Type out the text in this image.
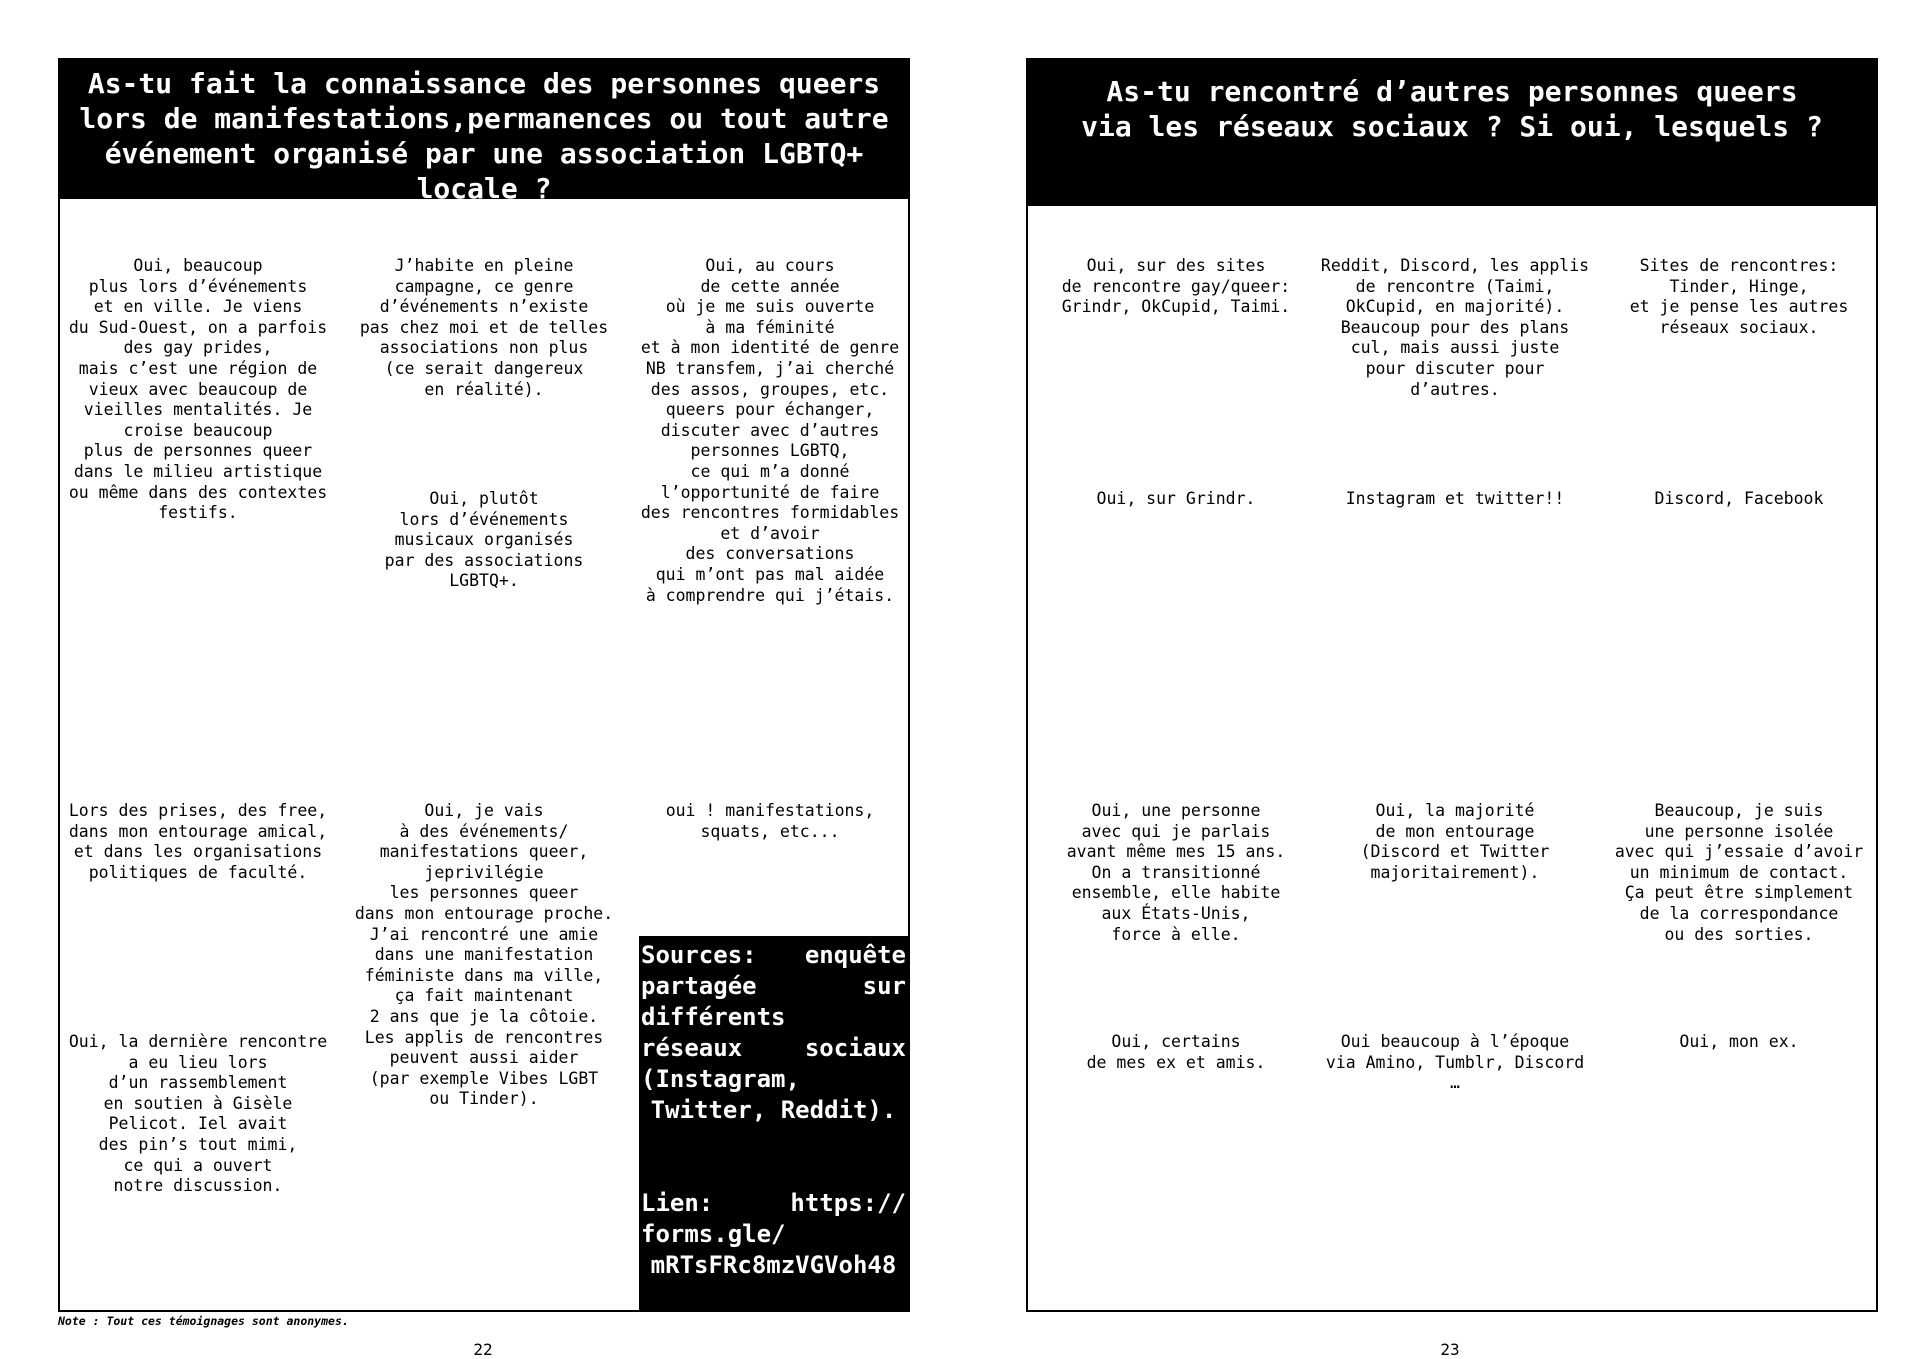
As-tu fait la connaissance des personnes queers
lors de manifestations,permanences ou tout autre
événement organisé par une association LGBTQ+
locale ?
Oui, beaucoup
plus lors d’événements
et en ville. Je viens
du Sud-Ouest, on a parfois
des gay prides,
mais c’est une région de
vieux avec beaucoup de
vieilles mentalités. Je
croise beaucoup
plus de personnes queer
dans le milieu artistique
ou même dans des contextes
festifs.
J’habite en pleine
campagne, ce genre
d’événements n’existe
pas chez moi et de telles
associations non plus
(ce serait dangereux
en réalité).
Oui, au cours
de cette année
où je me suis ouverte
à ma féminité
et à mon identité de genre
NB transfem, j’ai cherché
des assos, groupes, etc.
queers pour échanger,
discuter avec d’autres
personnes LGBTQ,
ce qui m’a donné
l’opportunité de faire
des rencontres formidables
et d’avoir
des conversations
qui m’ont pas mal aidée
à comprendre qui j’étais.
Oui, plutôt
lors d’événements
musicaux organisés
par des associations
LGBTQ+.
Lors des prises, des free,
dans mon entourage amical,
et dans les organisations
politiques de faculté.
Oui, je vais
à des événements/
manifestations queer,
jeprivilégie
les personnes queer
dans mon entourage proche.
J’ai rencontré une amie
dans une manifestation
féministe dans ma ville,
ça fait maintenant
2 ans que je la côtoie.
Les applis de rencontres
peuvent aussi aider
(par exemple Vibes LGBT
ou Tinder).
oui ! manifestations,
squats, etc...
Oui, la dernière rencontre
a eu lieu lors
d’un rassemblement
en soutien à Gisèle
Pelicot. Iel avait
des pin’s tout mimi,
ce qui a ouvert
notre discussion.

Sources: enquête

partagée sur

différents

réseaux sociaux

(Instagram,

Twitter, Reddit).

Lien: https://

forms.gle/

mRTsFRc8mzVGVoh48

Note : Tout ces témoignages sont anonymes.
22
As-tu rencontré d’autres personnes queers
via les réseaux sociaux ? Si oui, lesquels ?
Oui, sur des sites
de rencontre gay/queer:
Grindr, OkCupid, Taimi.
Reddit, Discord, les applis
de rencontre (Taimi,
OkCupid, en majorité).
Beaucoup pour des plans
cul, mais aussi juste
pour discuter pour
d’autres.
Sites de rencontres:
Tinder, Hinge,
et je pense les autres
réseaux sociaux.
Oui, sur Grindr.	Instagram et twitter!!	Discord, Facebook
Oui, une personne
avec qui je parlais
avant même mes 15 ans.
On a transitionné
ensemble, elle habite
aux États-Unis,
force à elle.
Oui, la majorité
de mon entourage
(Discord et Twitter
majoritairement).
Beaucoup, je suis
une personne isolée
avec qui j’essaie d’avoir
un minimum de contact.
Ça peut être simplement
de la correspondance
ou des sorties.
Oui, certains
de mes ex et amis.
Oui beaucoup à l’époque
via Amino, Tumblr, Discord
…
Oui, mon ex.
23
